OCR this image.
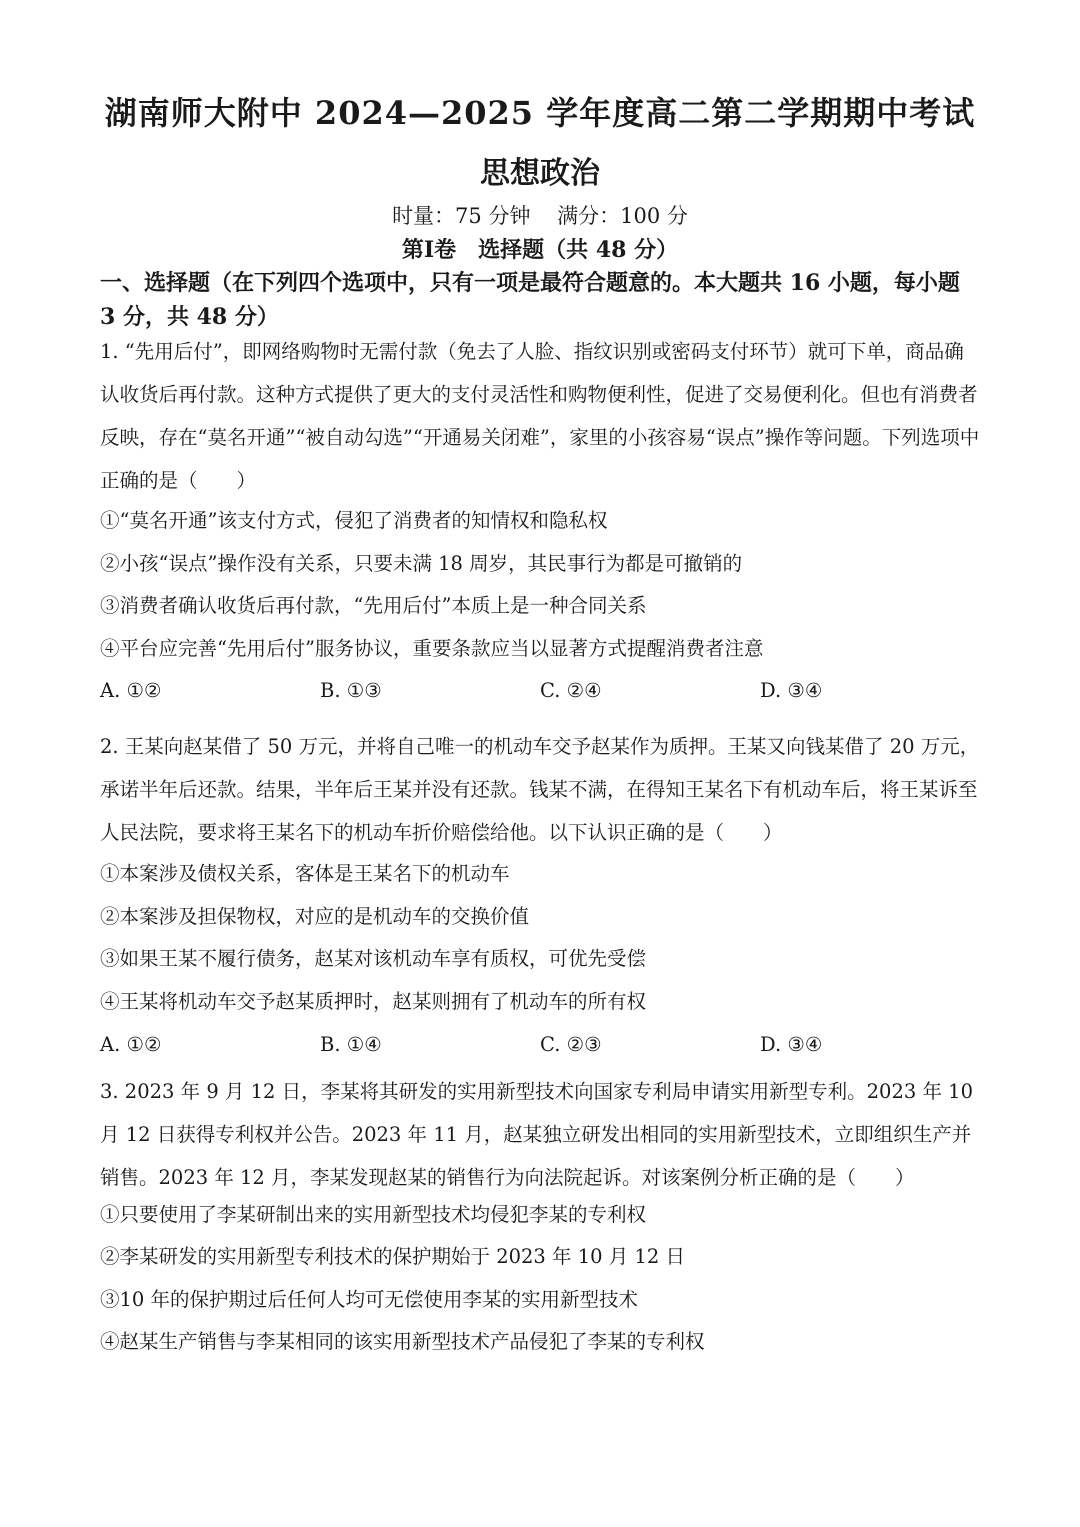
湖南师大附中 2024—2025 学年度高二第二学期期中考试
思想政治

时量：75 分钟 满分：100 分

第Ⅰ卷　选择题（共 48 分）

一、选择题（在下列四个选项中，只有一项是最符合题意的。本大题共 16 小题，每小题 3 分，共 48 分）

1. “先用后付”，即网络购物时无需付款（免去了人脸、指纹识别或密码支付环节）就可下单，商品确认收货后再付款。这种方式提供了更大的支付灵活性和购物便利性，促进了交易便利化。但也有消费者反映，存在“莫名开通”“被自动勾选”“开通易关闭难”，家里的小孩容易“误点”操作等问题。下列选项中正确的是（　　）

①“莫名开通”该支付方式，侵犯了消费者的知情权和隐私权

②小孩“误点”操作没有关系，只要未满 18 周岁，其民事行为都是可撤销的

③消费者确认收货后再付款，“先用后付”本质上是一种合同关系

④平台应完善“先用后付”服务协议，重要条款应当以显著方式提醒消费者注意

A. ①②	B. ①③	C. ②④	D. ③④

2. 王某向赵某借了 50 万元，并将自己唯一的机动车交予赵某作为质押。王某又向钱某借了 20 万元，承诺半年后还款。结果，半年后王某并没有还款。钱某不满，在得知王某名下有机动车后，将王某诉至人民法院，要求将王某名下的机动车折价赔偿给他。以下认识正确的是（　　）

①本案涉及债权关系，客体是王某名下的机动车

②本案涉及担保物权，对应的是机动车的交换价值

③如果王某不履行债务，赵某对该机动车享有质权，可优先受偿

④王某将机动车交予赵某质押时，赵某则拥有了机动车的所有权

A. ①②	B. ①④	C. ②③	D. ③④

3. 2023 年 9 月 12 日，李某将其研发的实用新型技术向国家专利局申请实用新型专利。2023 年 10 月 12 日获得专利权并公告。2023 年 11 月，赵某独立研发出相同的实用新型技术，立即组织生产并销售。2023 年 12 月，李某发现赵某的销售行为向法院起诉。对该案例分析正确的是（　　）

①只要使用了李某研制出来的实用新型技术均侵犯李某的专利权

②李某研发的实用新型专利技术的保护期始于 2023 年 10 月 12 日

③10 年的保护期过后任何人均可无偿使用李某的实用新型技术

④赵某生产销售与李某相同的该实用新型技术产品侵犯了李某的专利权
